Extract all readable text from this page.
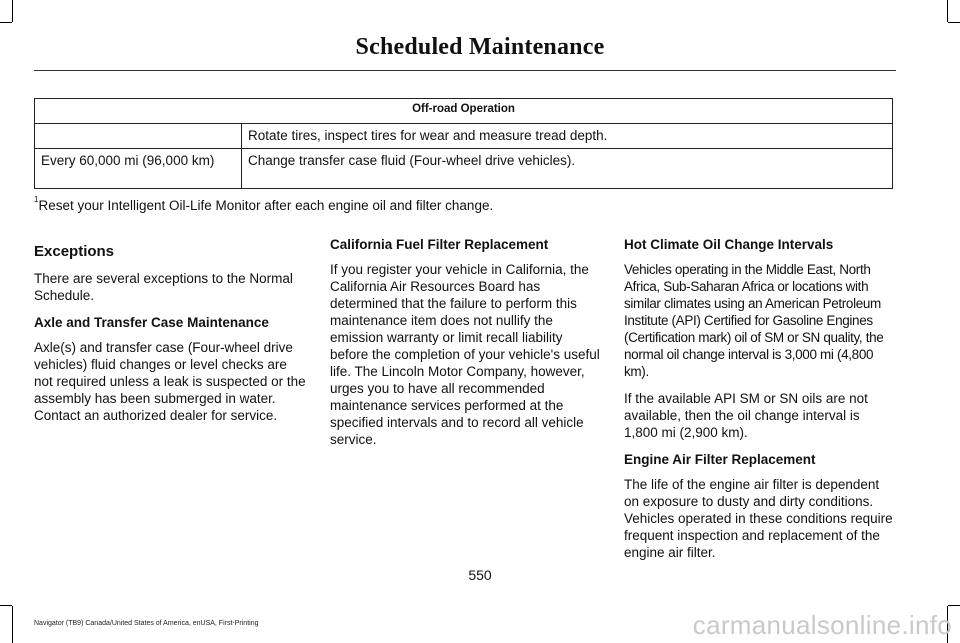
Scheduled Maintenance
Off-road Operation	
	Rotate tires, inspect tires for wear and measure tread depth.
Every 60,000 mi (96,000 km)	Change transfer case fluid (Four-wheel drive vehicles).
$^1$Reset your Intelligent Oil-Life Monitor after each engine oil and filter change.
Exceptions

There are several exceptions to the Normal Schedule.

Axle and Transfer Case Maintenance

Axle(s) and transfer case (Four-wheel drive vehicles) fluid changes or level checks are not required unless a leak is suspected or the assembly has been submerged in water. Contact an authorized dealer for service.

California Fuel Filter Replacement

If you register your vehicle in California, the California Air Resources Board has determined that the failure to perform this maintenance item does not nullify the emission warranty or limit recall liability before the completion of your vehicle's useful life. The Lincoln Motor Company, however, urges you to have all recommended maintenance services performed at the specified intervals and to record all vehicle service.

Hot Climate Oil Change Intervals

Vehicles operating in the Middle East, North Africa, Sub-Saharan Africa or locations with similar climates using an American Petroleum Institute (API) Certified for Gasoline Engines (Certification mark) oil of SM or SN quality, the normal oil change interval is 3,000 mi (4,800 km).

If the available API SM or SN oils are not available, then the oil change interval is 1,800 mi (2,900 km).

Engine Air Filter Replacement

The life of the engine air filter is dependent on exposure to dusty and dirty conditions. Vehicles operated in these conditions require frequent inspection and replacement of the engine air filter.

550
Navigator (TB9) Canada/United States of America, enUSA, First-Printing	carmanualsonline.info
